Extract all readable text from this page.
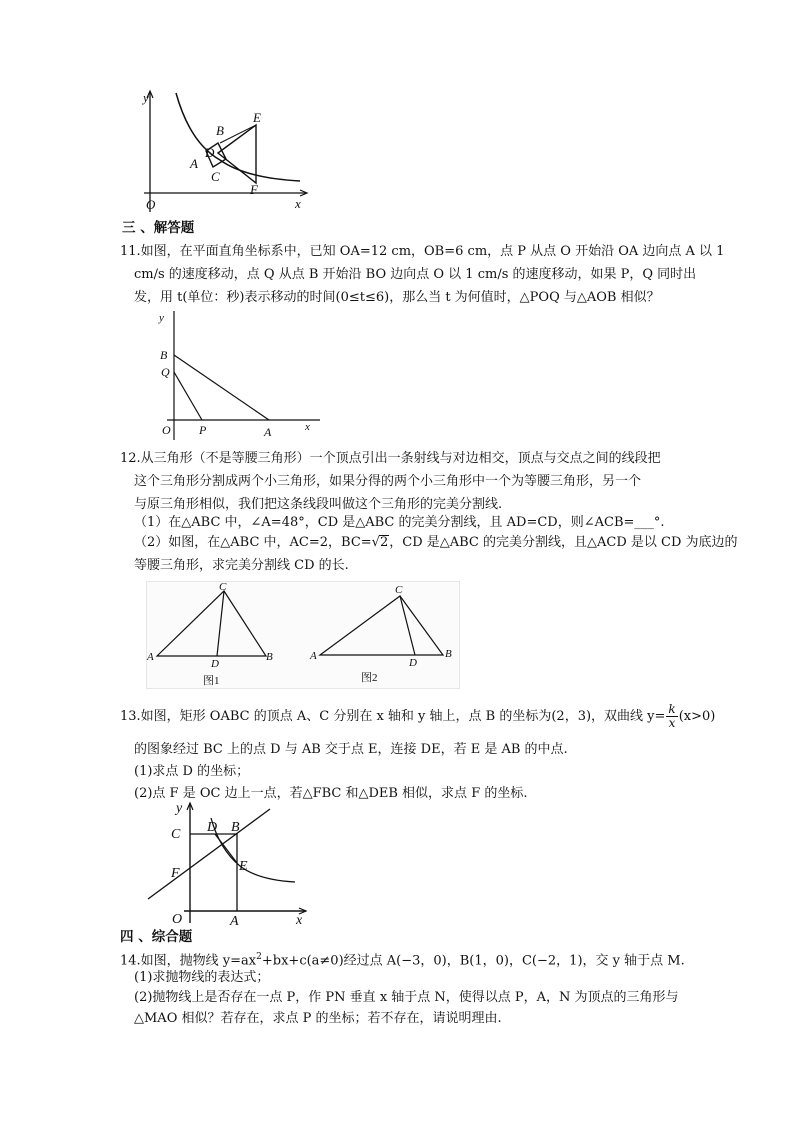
y
x
O
A
B
C
D
E
F
三 、解答题
11.如图，在平面直角坐标系中，已知 OA=12 cm，OB=6 cm，点 P 从点 O 开始沿 OA 边向点 A 以 1
cm/s 的速度移动，点 Q 从点 B 开始沿 BO 边向点 O 以 1 cm/s 的速度移动，如果 P，Q 同时出
发，用 t(单位：秒)表示移动的时间(0≤t≤6)，那么当 t 为何值时，△POQ 与△AOB 相似？
y
x
B
Q
O P	A
12.从三角形（不是等腰三角形）一个顶点引出一条射线与对边相交，顶点与交点之间的线段把
这个三角形分割成两个小三角形，如果分得的两个小三角形中一个为等腰三角形，另一个
与原三角形相似，我们把这条线段叫做这个三角形的完美分割线.
（1）在△ABC 中，∠A=48°，CD 是△ABC 的完美分割线，且 AD=CD，则∠ACB=___°.
（2）如图，在△ABC 中，AC=2，BC=√2，CD 是△ABC 的完美分割线，且△ACD 是以 CD 为底边的
等腰三角形，求完美分割线 CD 的长.
A	B
C
D
图1
A	B
C
D
图2
13.如图，矩形 OABC 的顶点 A、C 分别在 x 轴和 y 轴上，点 B 的坐标为(2，3)，双曲线 $y= \frac{k}{x} (x>0)$
的图象经过 BC 上的点 D 与 AB 交于点 E，连接 DE，若 E 是 AB 的中点.
(1)求点 D 的坐标；
(2)点 F 是 OC 边上一点，若△FBC 和△DEB 相似，求点 F 的坐标.
y
x
O	A
C D B
E
F
四 、综合题
14.如图，抛物线 $y=ax^2+bx+c(a\ne 0)$经过点 A(−3，0)，B(1，0)，C(−2，1)，交 y 轴于点 M.
(1)求抛物线的表达式；
(2)抛物线上是否存在一点 P，作 PN 垂直 x 轴于点 N，使得以点 P，A，N 为顶点的三角形与
△MAO 相似？若存在，求点 P 的坐标；若不存在，请说明理由.
